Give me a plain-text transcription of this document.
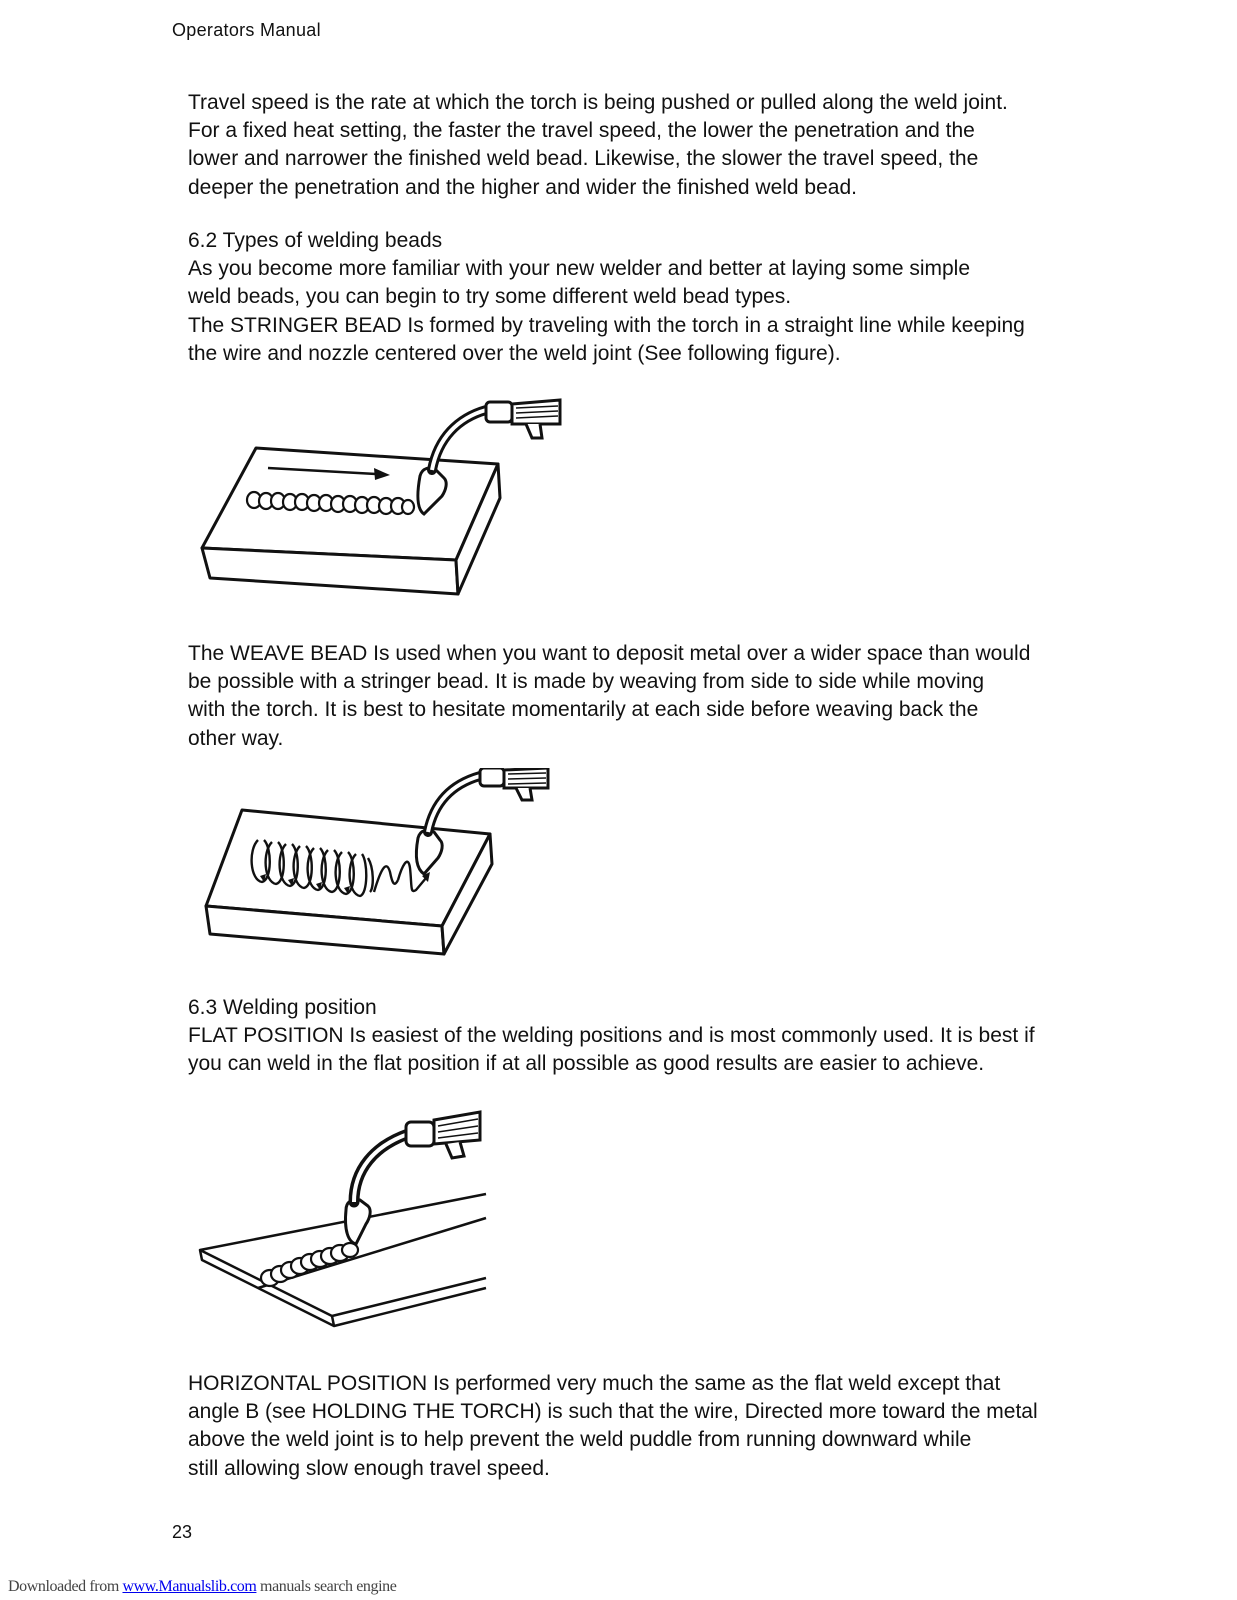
Operators Manual
Travel speed is the rate at which the torch is being pushed or pulled along the weld joint.
For a fixed heat setting, the faster the travel speed, the lower the penetration and the
lower and narrower the finished weld bead. Likewise, the slower the travel speed, the
deeper the penetration and the higher and wider the finished weld bead.
6.2 Types of welding beads
As you become more familiar with your new welder and better at laying some simple
weld beads, you can begin to try some different weld bead types.
The STRINGER BEAD Is formed by traveling with the torch in a straight line while keeping
the wire and nozzle centered over the weld joint (See following figure).
The WEAVE BEAD Is used when you want to deposit metal over a wider space than would
be possible with a stringer bead. It is made by weaving from side to side while moving
with the torch. It is best to hesitate momentarily at each side before weaving back the
other way.
6.3 Welding position
FLAT POSITION Is easiest of the welding positions and is most commonly used. It is best if
you can weld in the flat position if at all possible as good results are easier to achieve.
HORIZONTAL POSITION Is performed very much the same as the flat weld except that
angle B (see HOLDING THE TORCH) is such that the wire, Directed more toward the metal
above the weld joint is to help prevent the weld puddle from running downward while
still allowing slow enough travel speed.
23
Downloaded from www.Manualslib.com manuals search engine
